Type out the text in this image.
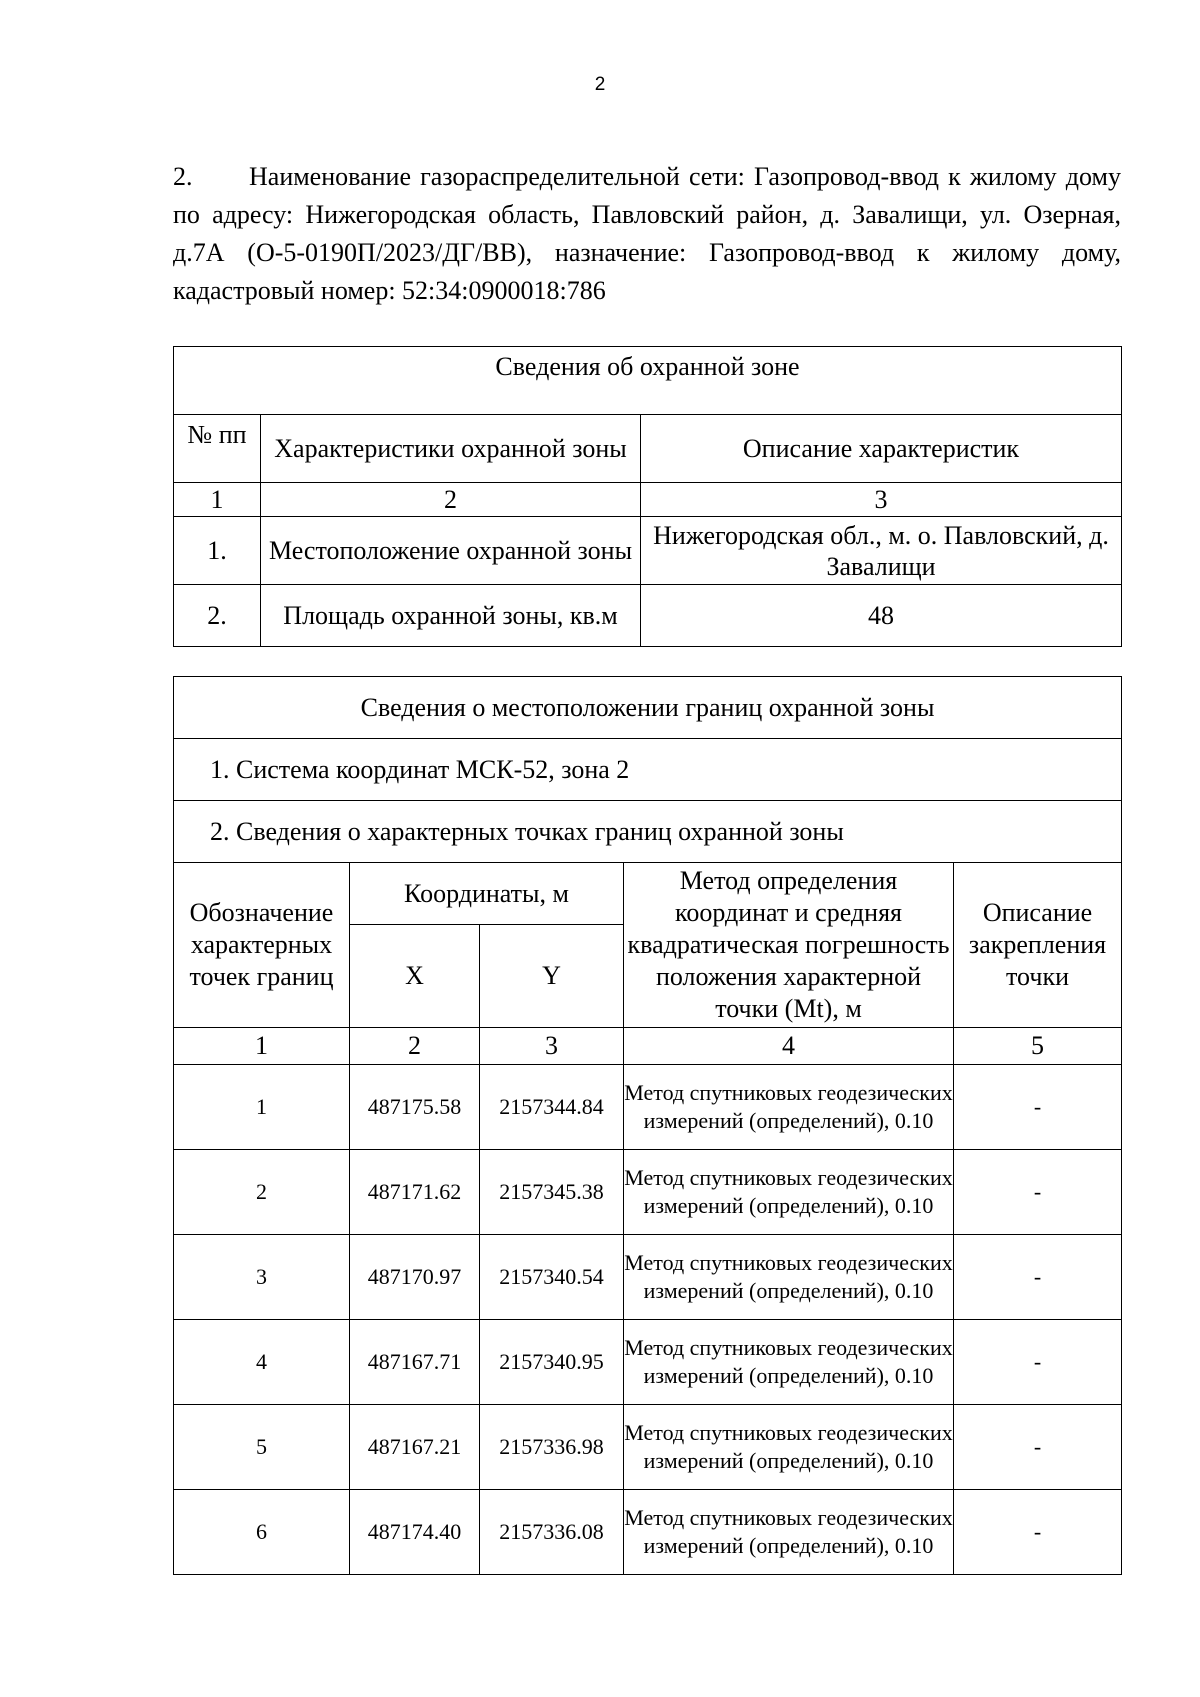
2
2. Наименование газораспределительной сети: Газопровод-ввод к жилому дому по адресу: Нижегородская область, Павловский район, д. Завалищи, ул. Озерная, д.7А (О-5-0190П/2023/ДГ/ВВ), назначение: Газопровод-ввод к жилому дому, кадастровый номер: 52:34:0900018:786
Сведения об охранной зоне		
№ пп	Характеристики охранной зоны	Описание характеристик
1	2	3
1.	Местоположение охранной зоны	Нижегородская обл., м. о. Павловский, д. Завалищи
2.	Площадь охранной зоны, кв.м	48
Сведения о местоположении границ охранной зоны				
1. Система координат МСК-52, зона 2				
2. Сведения о характерных точках границ охранной зоны				
Обозначение характерных точек границ	Координаты, м		Метод определения координат и средняя квадратическая погрешность положения характерной точки (Mt), м	Описание закрепления точки
	X	Y		
1	2	3	4	5
1	487175.58	2157344.84	Метод спутниковых геодезических измерений (определений), 0.10	-
2	487171.62	2157345.38	Метод спутниковых геодезических измерений (определений), 0.10	-
3	487170.97	2157340.54	Метод спутниковых геодезических измерений (определений), 0.10	-
4	487167.71	2157340.95	Метод спутниковых геодезических измерений (определений), 0.10	-
5	487167.21	2157336.98	Метод спутниковых геодезических измерений (определений), 0.10	-
6	487174.40	2157336.08	Метод спутниковых геодезических измерений (определений), 0.10	-
